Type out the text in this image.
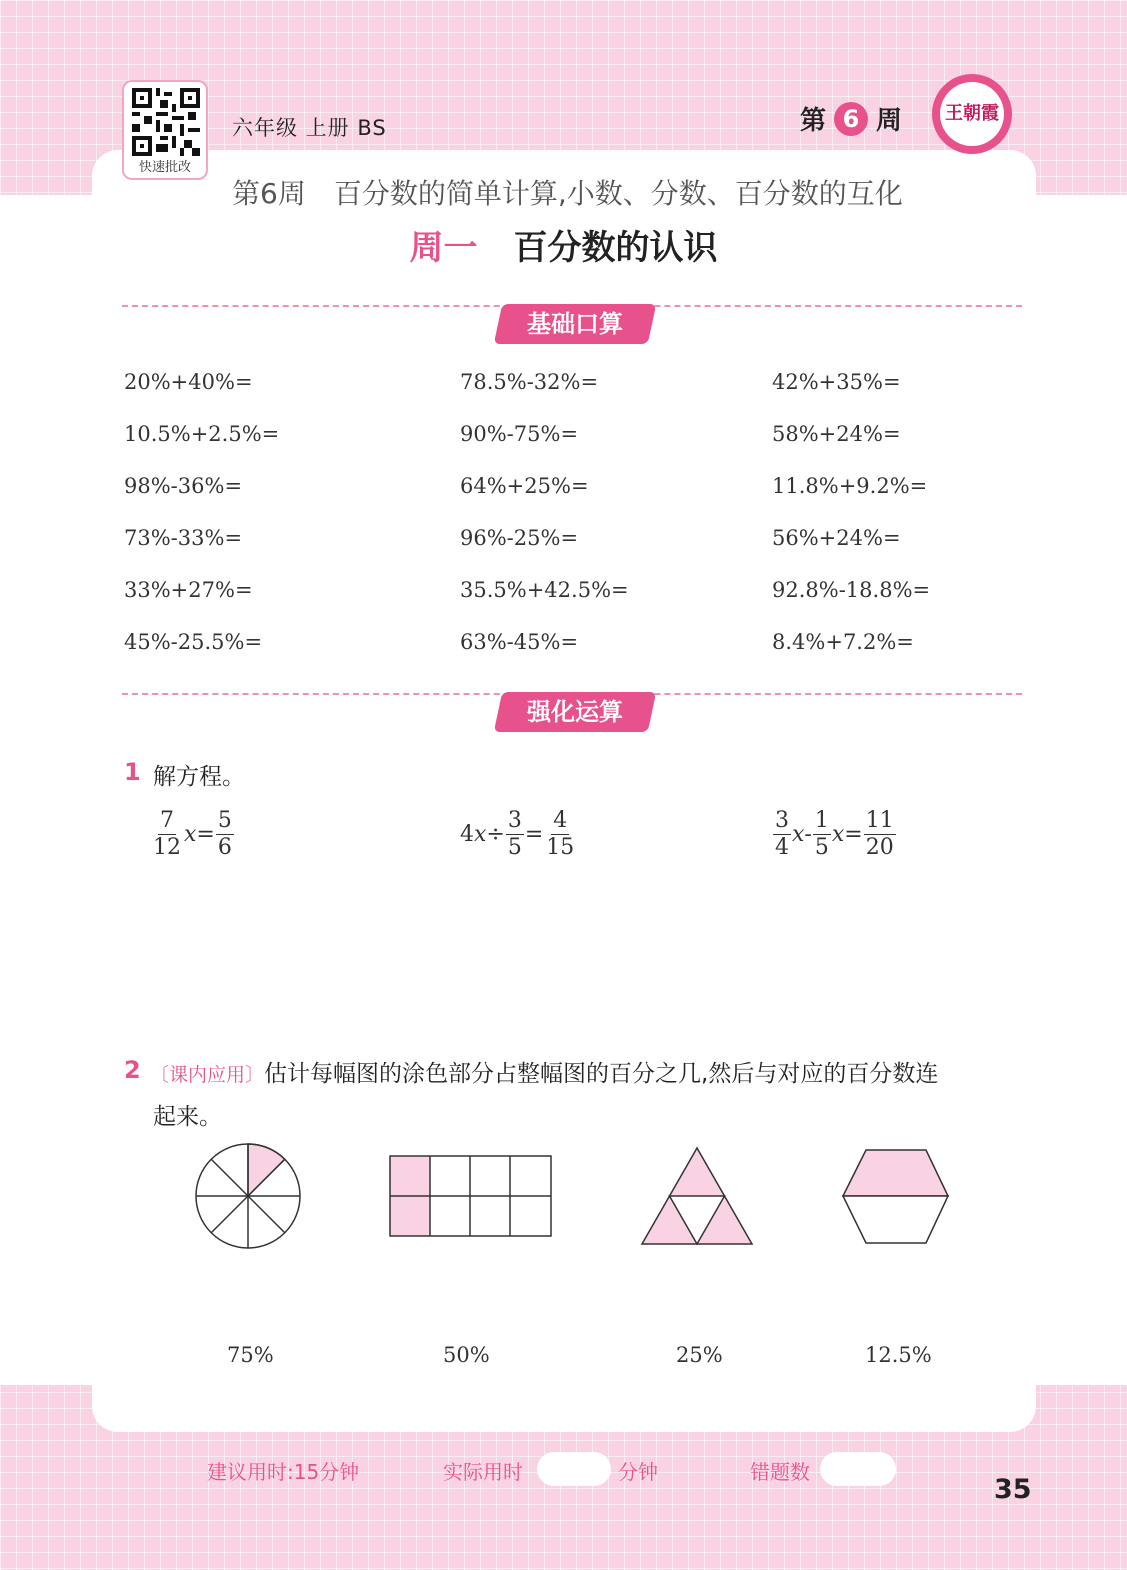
快速批改
六年级 上册 BS	第 6 周 王朝霞
第6周　百分数的简单计算,小数、分数、百分数的互化
周一 百分数的认识
基础口算
20%+40%=	78.5%-32%=	42%+35%=
10.5%+2.5%=	90%-75%=	58%+24%=
98%-36%=	64%+25%=	11.8%+9.2%=
73%-33%=	96%-25%=	56%+24%=
33%+27%=	35.5%+42.5%=	92.8%-18.8%=
45%-25.5%=	63%-45%=	8.4%+7.2%=
强化运算
1 解方程。
$\frac{7}{12}$ $x = \frac{5}{6}$	4 $x \div \frac{3}{5} = \frac{4}{15}$	$\frac{3}{4}$ x - $\frac{1}{5}$ $x = \frac{11}{20}$
2 〔课内应用〕估计每幅图的涂色部分占整幅图的百分之几,然后与对应的百分数连
起来。
75%	50%	25%	12.5%
建议用时:15分钟	实际用时	分钟	错题数
35
